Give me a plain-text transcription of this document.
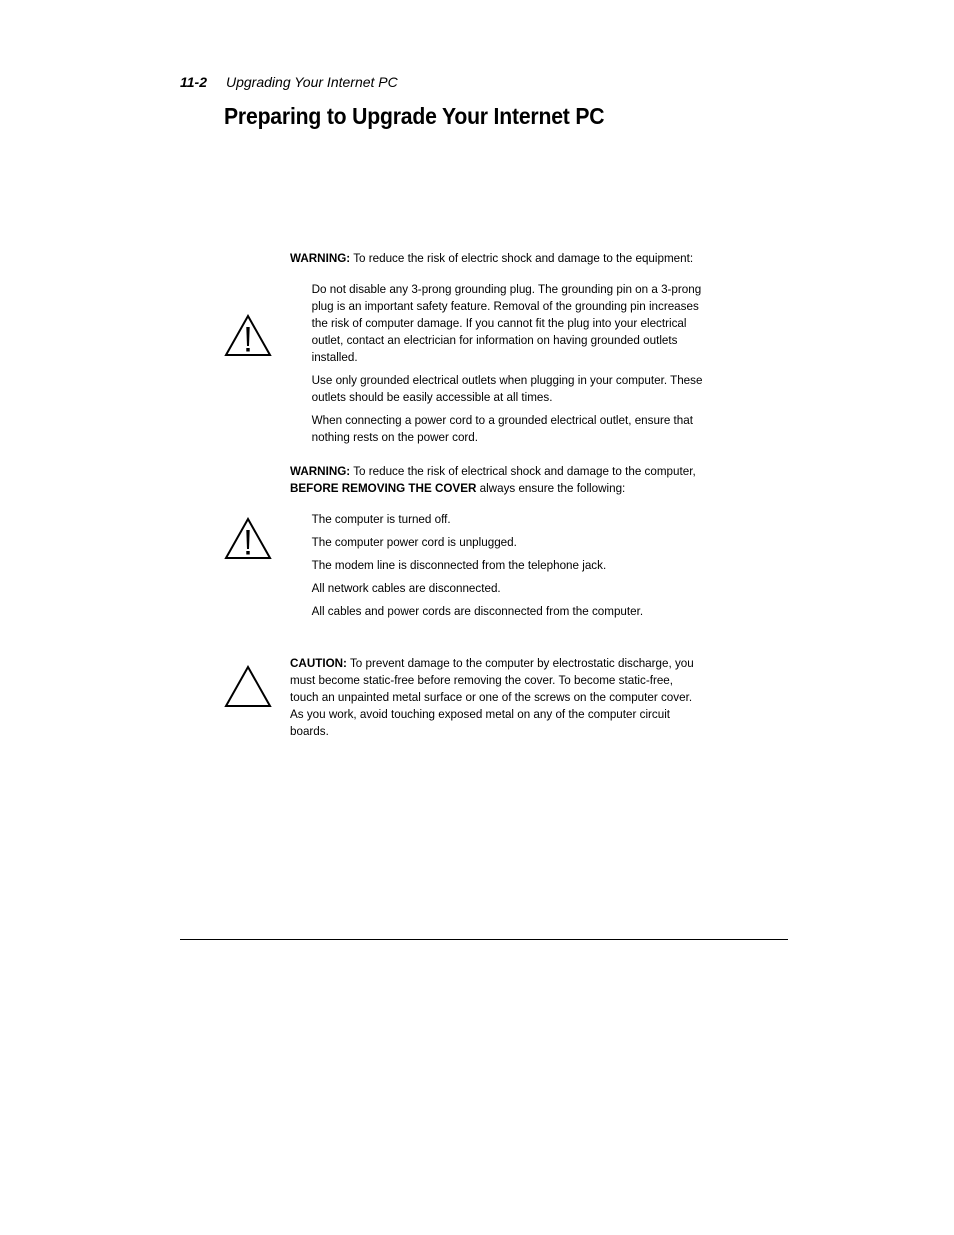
11-2 Upgrading Your Internet PC
Preparing to Upgrade Your Internet PC

WARNING: To reduce the risk of electric shock and damage to the equipment:

Do not disable any 3-prong grounding plug. The grounding pin on a 3-prong plug is an important safety feature. Removal of the grounding pin increases the risk of computer damage. If you cannot fit the plug into your electrical outlet, contact an electrician for information on having grounded outlets installed.

Use only grounded electrical outlets when plugging in your computer. These outlets should be easily accessible at all times.

When connecting a power cord to a grounded electrical outlet, ensure that nothing rests on the power cord.

WARNING: To reduce the risk of electrical shock and damage to the computer,
BEFORE REMOVING THE COVER always ensure the following:

The computer is turned off.

The computer power cord is unplugged.

The modem line is disconnected from the telephone jack.

All network cables are disconnected.

All cables and power cords are disconnected from the computer.

CAUTION: To prevent damage to the computer by electrostatic discharge, you must become static-free before removing the cover. To become static-free, touch an unpainted metal surface or one of the screws on the computer cover. As you work, avoid touching exposed metal on any of the computer circuit boards.
